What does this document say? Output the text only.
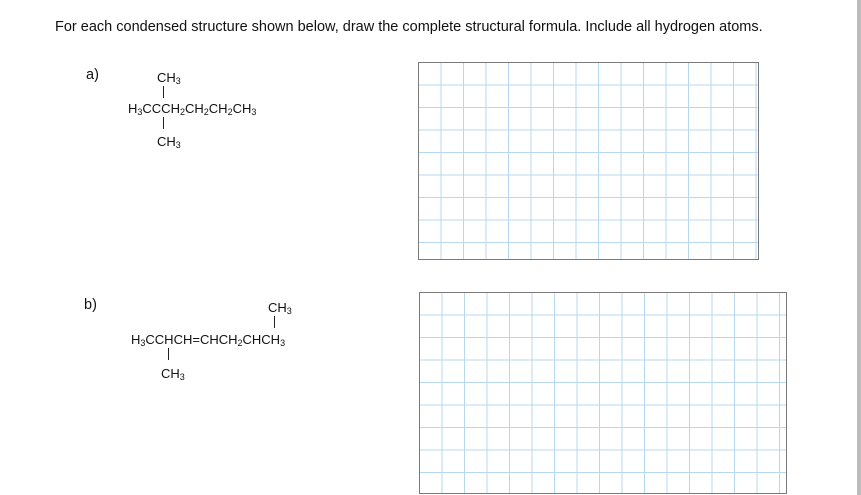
For each condensed structure shown below, draw the complete structural formula. Include all hydrogen atoms.

a)	$CH_3$
$H_3CCCH_2CH_2CH_2CH_3$
$CH_3$
b)	$CH_3$
$H_3CCHCH=CHCH_2CHCH_3$
$CH_3$
